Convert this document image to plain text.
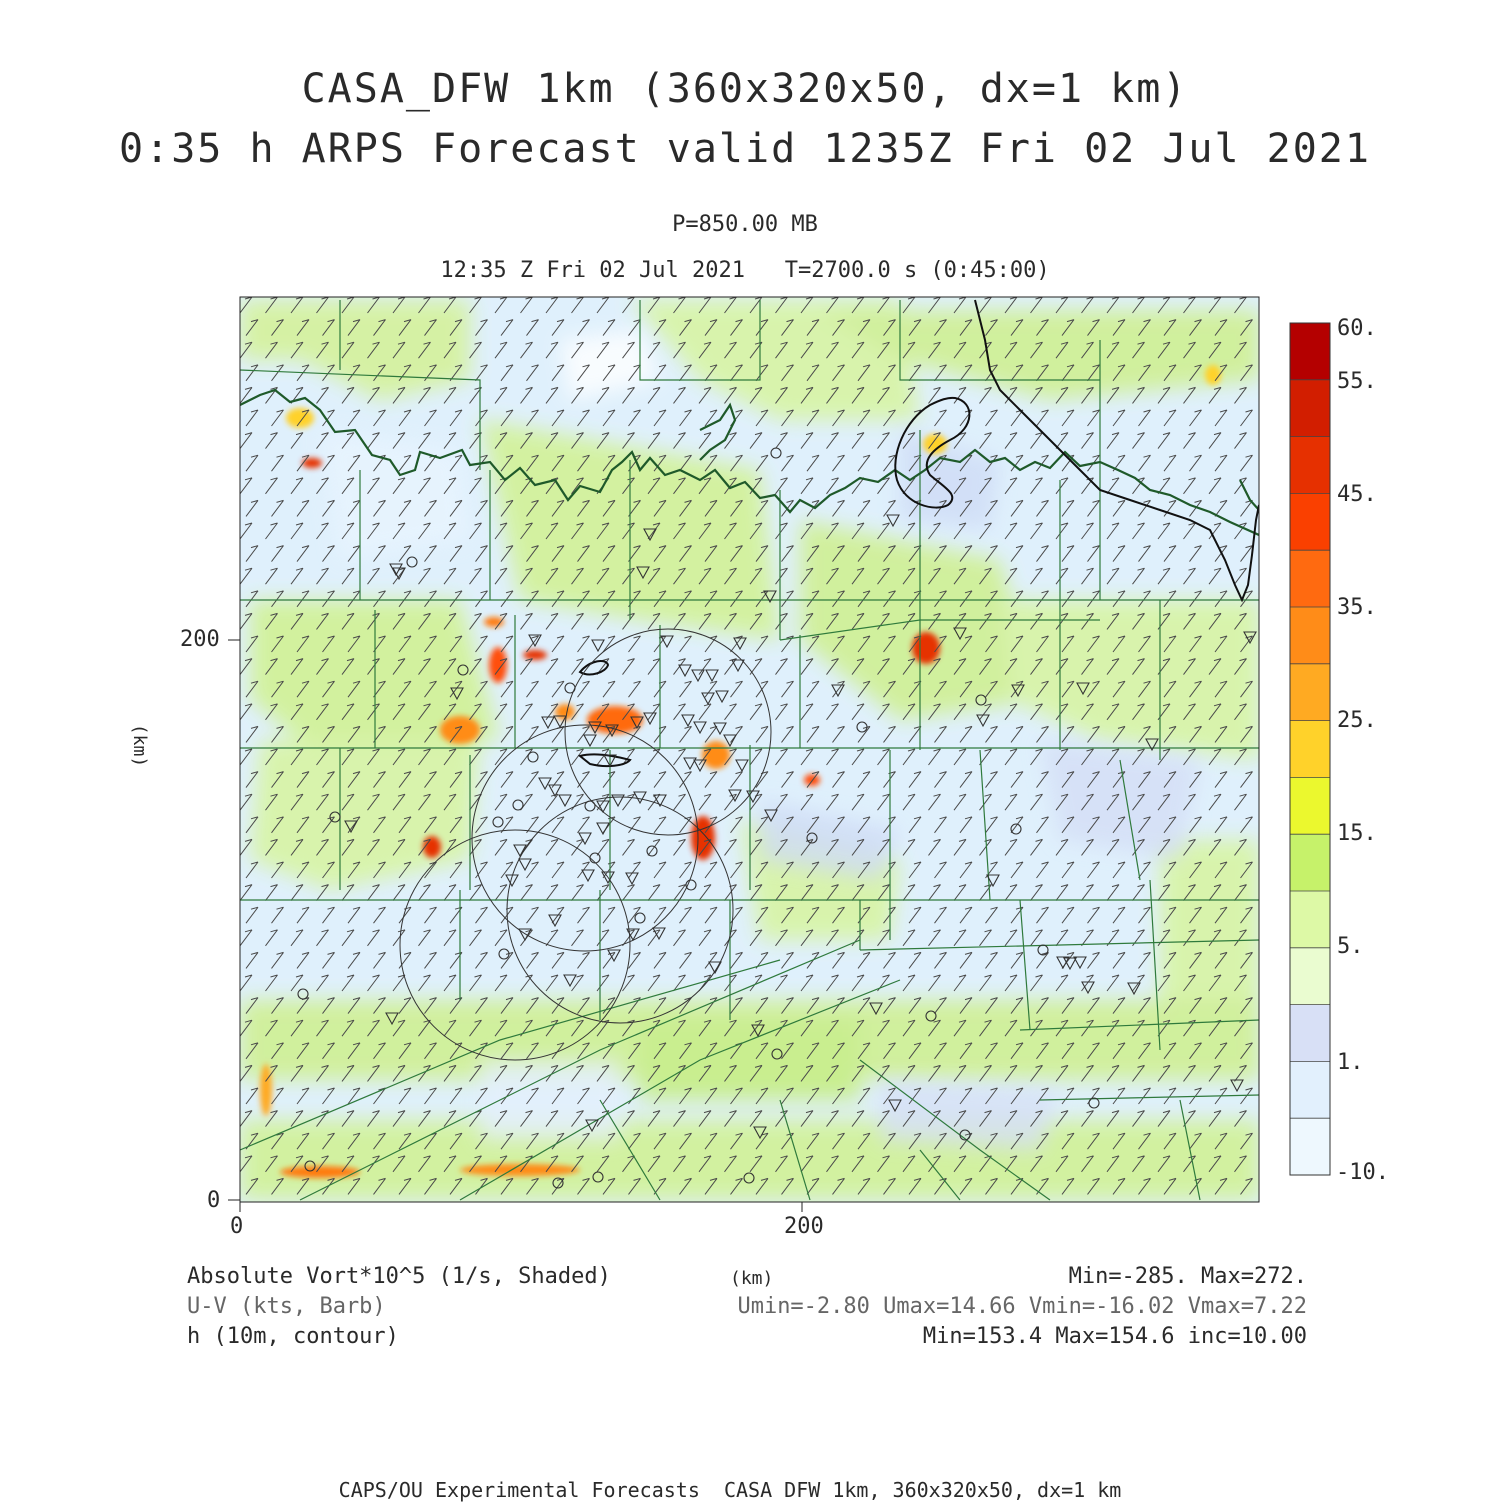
CASA_DFW 1km (360x320x50, dx=1 km)
0:35 h ARPS Forecast valid 1235Z Fri 02 Jul 2021
P=850.00 MB
12:35 Z Fri 02 Jul 2021   T=2700.0 s (0:45:00)
200
0
0	200
(km)
60.
55.
45.
35.
25.
15.
5.
1.
-10.
Absolute Vort*10^5 (1/s, Shaded)
U-V (kts, Barb)
h (10m, contour)
(km)	Min=-285. Max=272.
Umin=-2.80 Umax=14.66 Vmin=-16.02 Vmax=7.22
Min=153.4 Max=154.6 inc=10.00
CAPS/OU Experimental Forecasts  CASA DFW 1km, 360x320x50, dx=1 km
